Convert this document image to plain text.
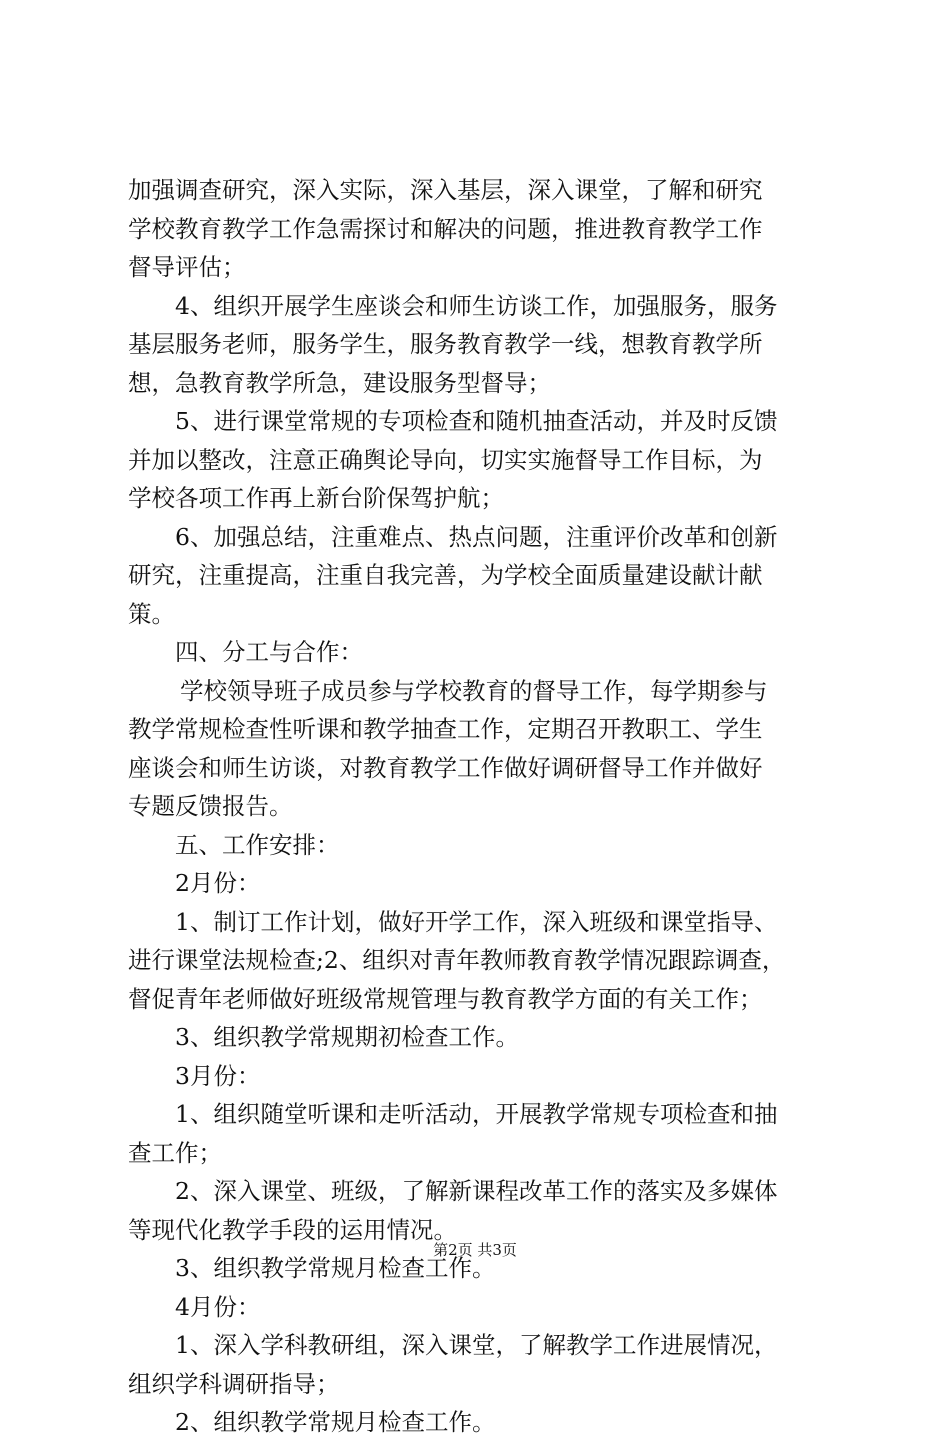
加强调查研究，深入实际，深入基层，深入课堂，了解和研究
学校教育教学工作急需探讨和解决的问题，推进教育教学工作
督导评估；
4、组织开展学生座谈会和师生访谈工作，加强服务，服务
基层服务老师，服务学生，服务教育教学一线，想教育教学所
想，急教育教学所急，建设服务型督导；
5、进行课堂常规的专项检查和随机抽查活动，并及时反馈
并加以整改，注意正确舆论导向，切实实施督导工作目标，为
学校各项工作再上新台阶保驾护航；
6、加强总结，注重难点、热点问题，注重评价改革和创新
研究，注重提高，注重自我完善，为学校全面质量建设献计献
策。
四、分工与合作：
学校领导班子成员参与学校教育的督导工作，每学期参与
教学常规检查性听课和教学抽查工作，定期召开教职工、学生
座谈会和师生访谈，对教育教学工作做好调研督导工作并做好
专题反馈报告。
五、工作安排：
2月份：
1、制订工作计划，做好开学工作，深入班级和课堂指导、
进行课堂法规检查;2、组织对青年教师教育教学情况跟踪调查，
督促青年老师做好班级常规管理与教育教学方面的有关工作；
3、组织教学常规期初检查工作。
3月份：
1、组织随堂听课和走听活动，开展教学常规专项检查和抽
查工作；
2、深入课堂、班级，了解新课程改革工作的落实及多媒体
等现代化教学手段的运用情况。
3、组织教学常规月检查工作。
4月份：
1、深入学科教研组，深入课堂，了解教学工作进展情况，
组织学科调研指导；
2、组织教学常规月检查工作。
第2页 共3页
